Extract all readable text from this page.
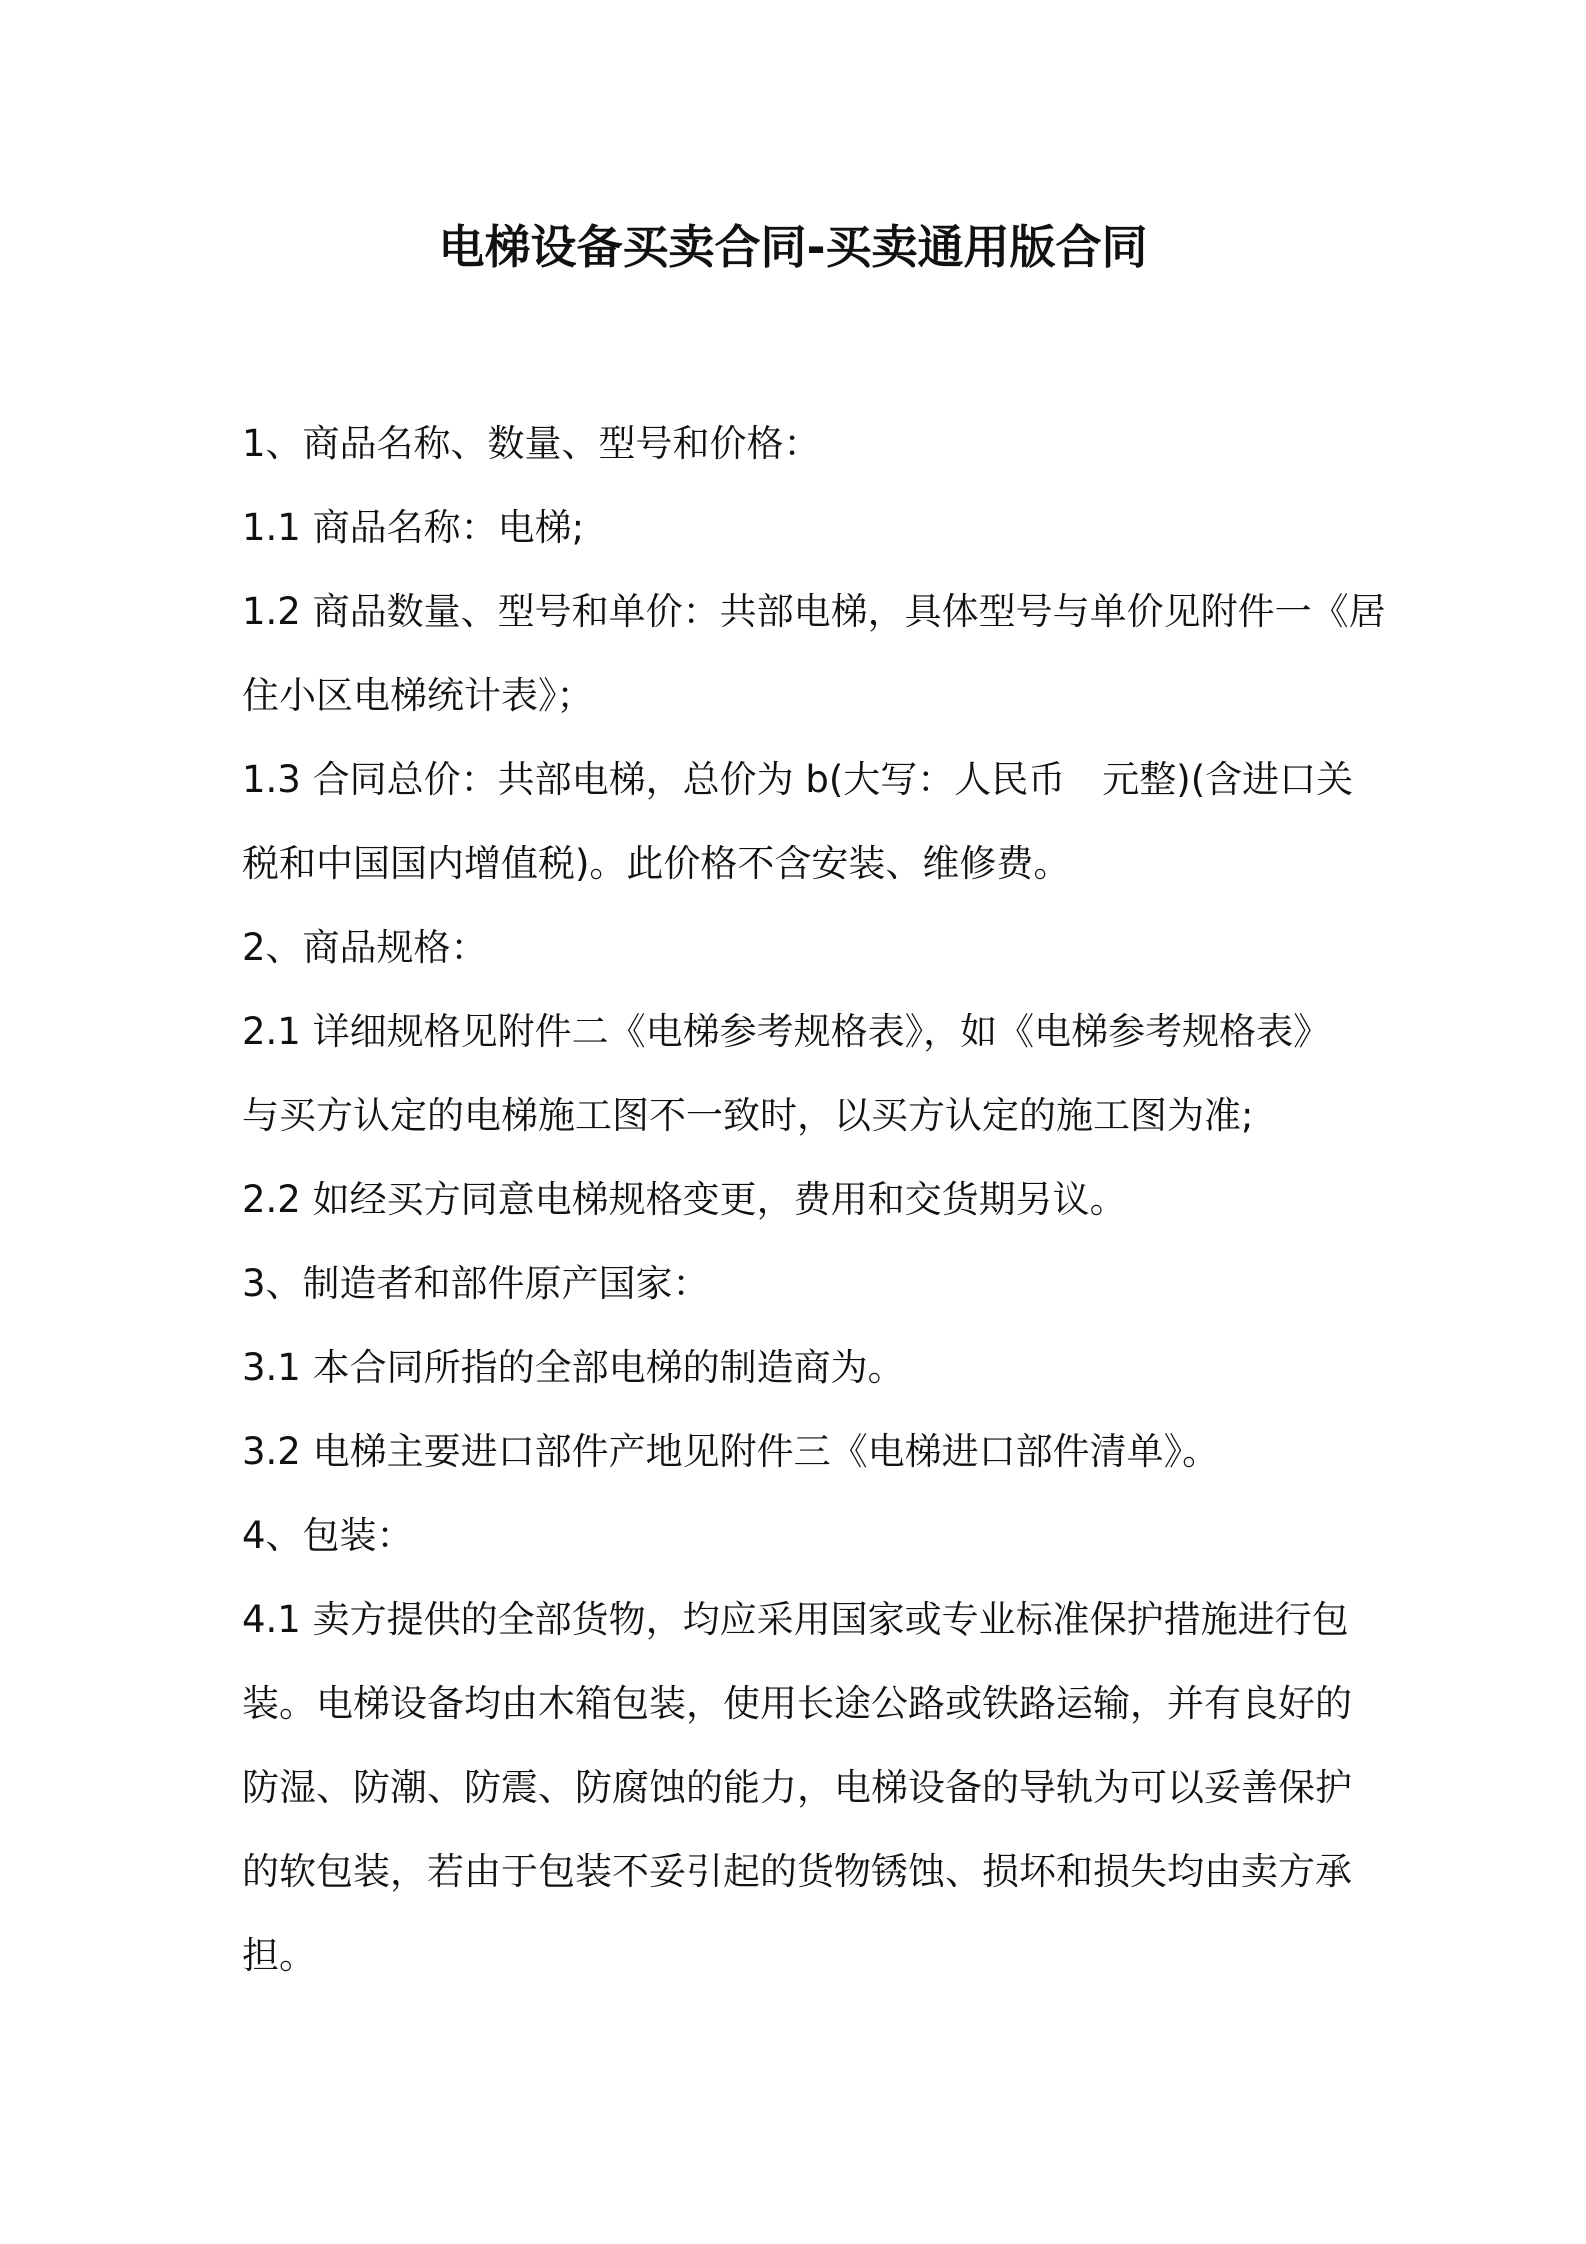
电梯设备买卖合同-买卖通用版合同

1、商品名称、数量、型号和价格：

1.1 商品名称：电梯;

1.2 商品数量、型号和单价：共部电梯，具体型号与单价见附件一《居

住小区电梯统计表》；

1.3 合同总价：共部电梯，总价为 b(大写：人民币　元整)(含进口关

税和中国国内增值税)。此价格不含安装、维修费。

2、商品规格：

2.1 详细规格见附件二《电梯参考规格表》，如《电梯参考规格表》

与买方认定的电梯施工图不一致时，以买方认定的施工图为准;

2.2 如经买方同意电梯规格变更，费用和交货期另议。

3、制造者和部件原产国家：

3.1 本合同所指的全部电梯的制造商为。

3.2 电梯主要进口部件产地见附件三《电梯进口部件清单》。

4、包装：

4.1 卖方提供的全部货物，均应采用国家或专业标准保护措施进行包

装。电梯设备均由木箱包装，使用长途公路或铁路运输，并有良好的

防湿、防潮、防震、防腐蚀的能力，电梯设备的导轨为可以妥善保护

的软包装，若由于包装不妥引起的货物锈蚀、损坏和损失均由卖方承

担。
